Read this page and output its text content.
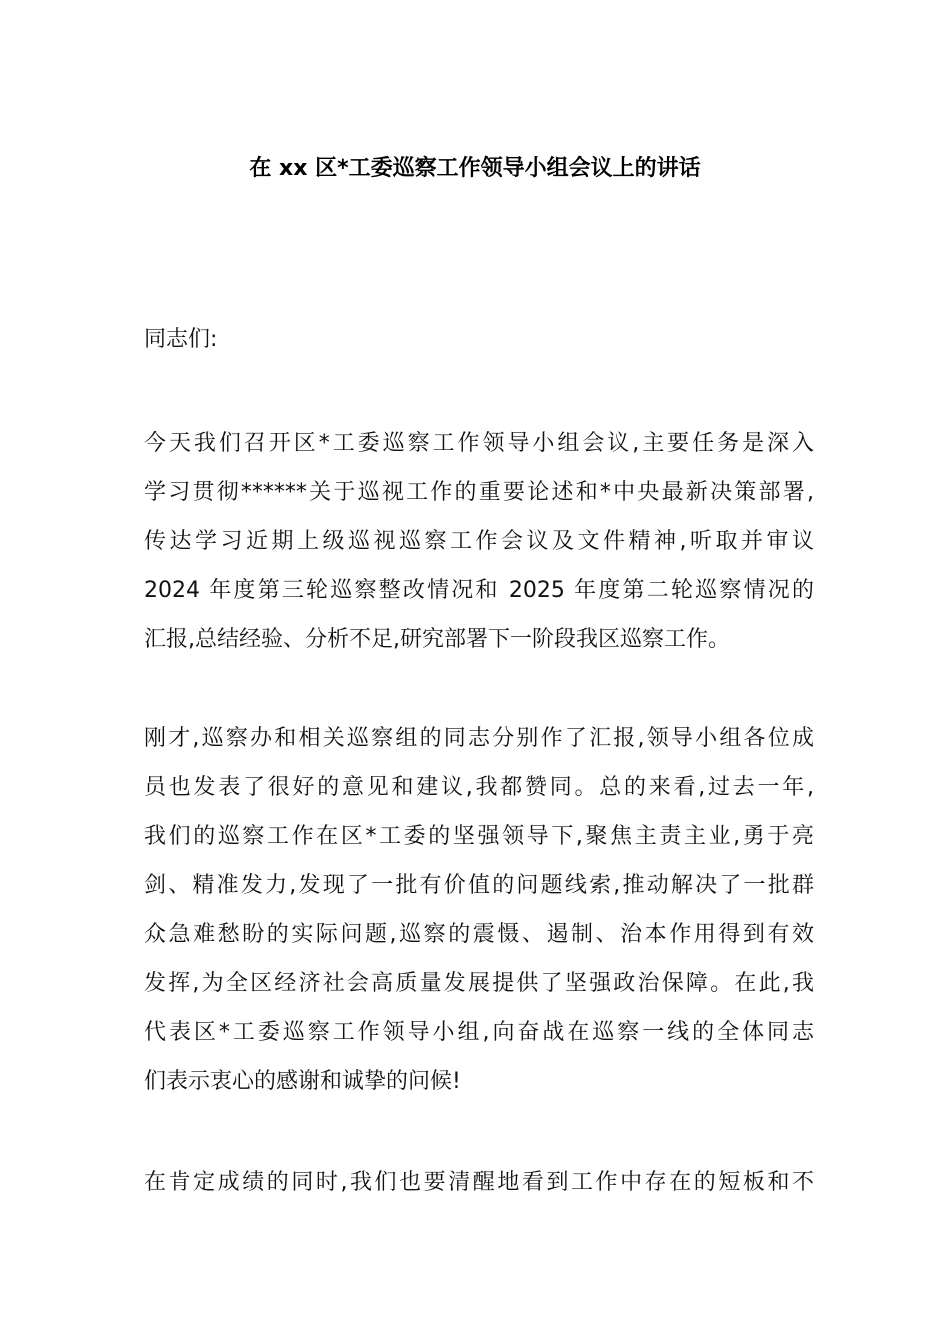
在 xx 区*工委巡察工作领导小组会议上的讲话
同志们:
今天我们召开区*工委巡察工作领导小组会议,主要任务是深入
学习贯彻******关于巡视工作的重要论述和*中央最新决策部署,
传达学习近期上级巡视巡察工作会议及文件精神,听取并审议
2024 年度第三轮巡察整改情况和 2025 年度第二轮巡察情况的
汇报,总结经验、分析不足,研究部署下一阶段我区巡察工作。
刚才,巡察办和相关巡察组的同志分别作了汇报,领导小组各位成
员也发表了很好的意见和建议,我都赞同。总的来看,过去一年,
我们的巡察工作在区*工委的坚强领导下,聚焦主责主业,勇于亮
剑、精准发力,发现了一批有价值的问题线索,推动解决了一批群
众急难愁盼的实际问题,巡察的震慑、遏制、治本作用得到有效
发挥,为全区经济社会高质量发展提供了坚强政治保障。在此,我
代表区*工委巡察工作领导小组,向奋战在巡察一线的全体同志
们表示衷心的感谢和诚挚的问候!
在肯定成绩的同时,我们也要清醒地看到工作中存在的短板和不
